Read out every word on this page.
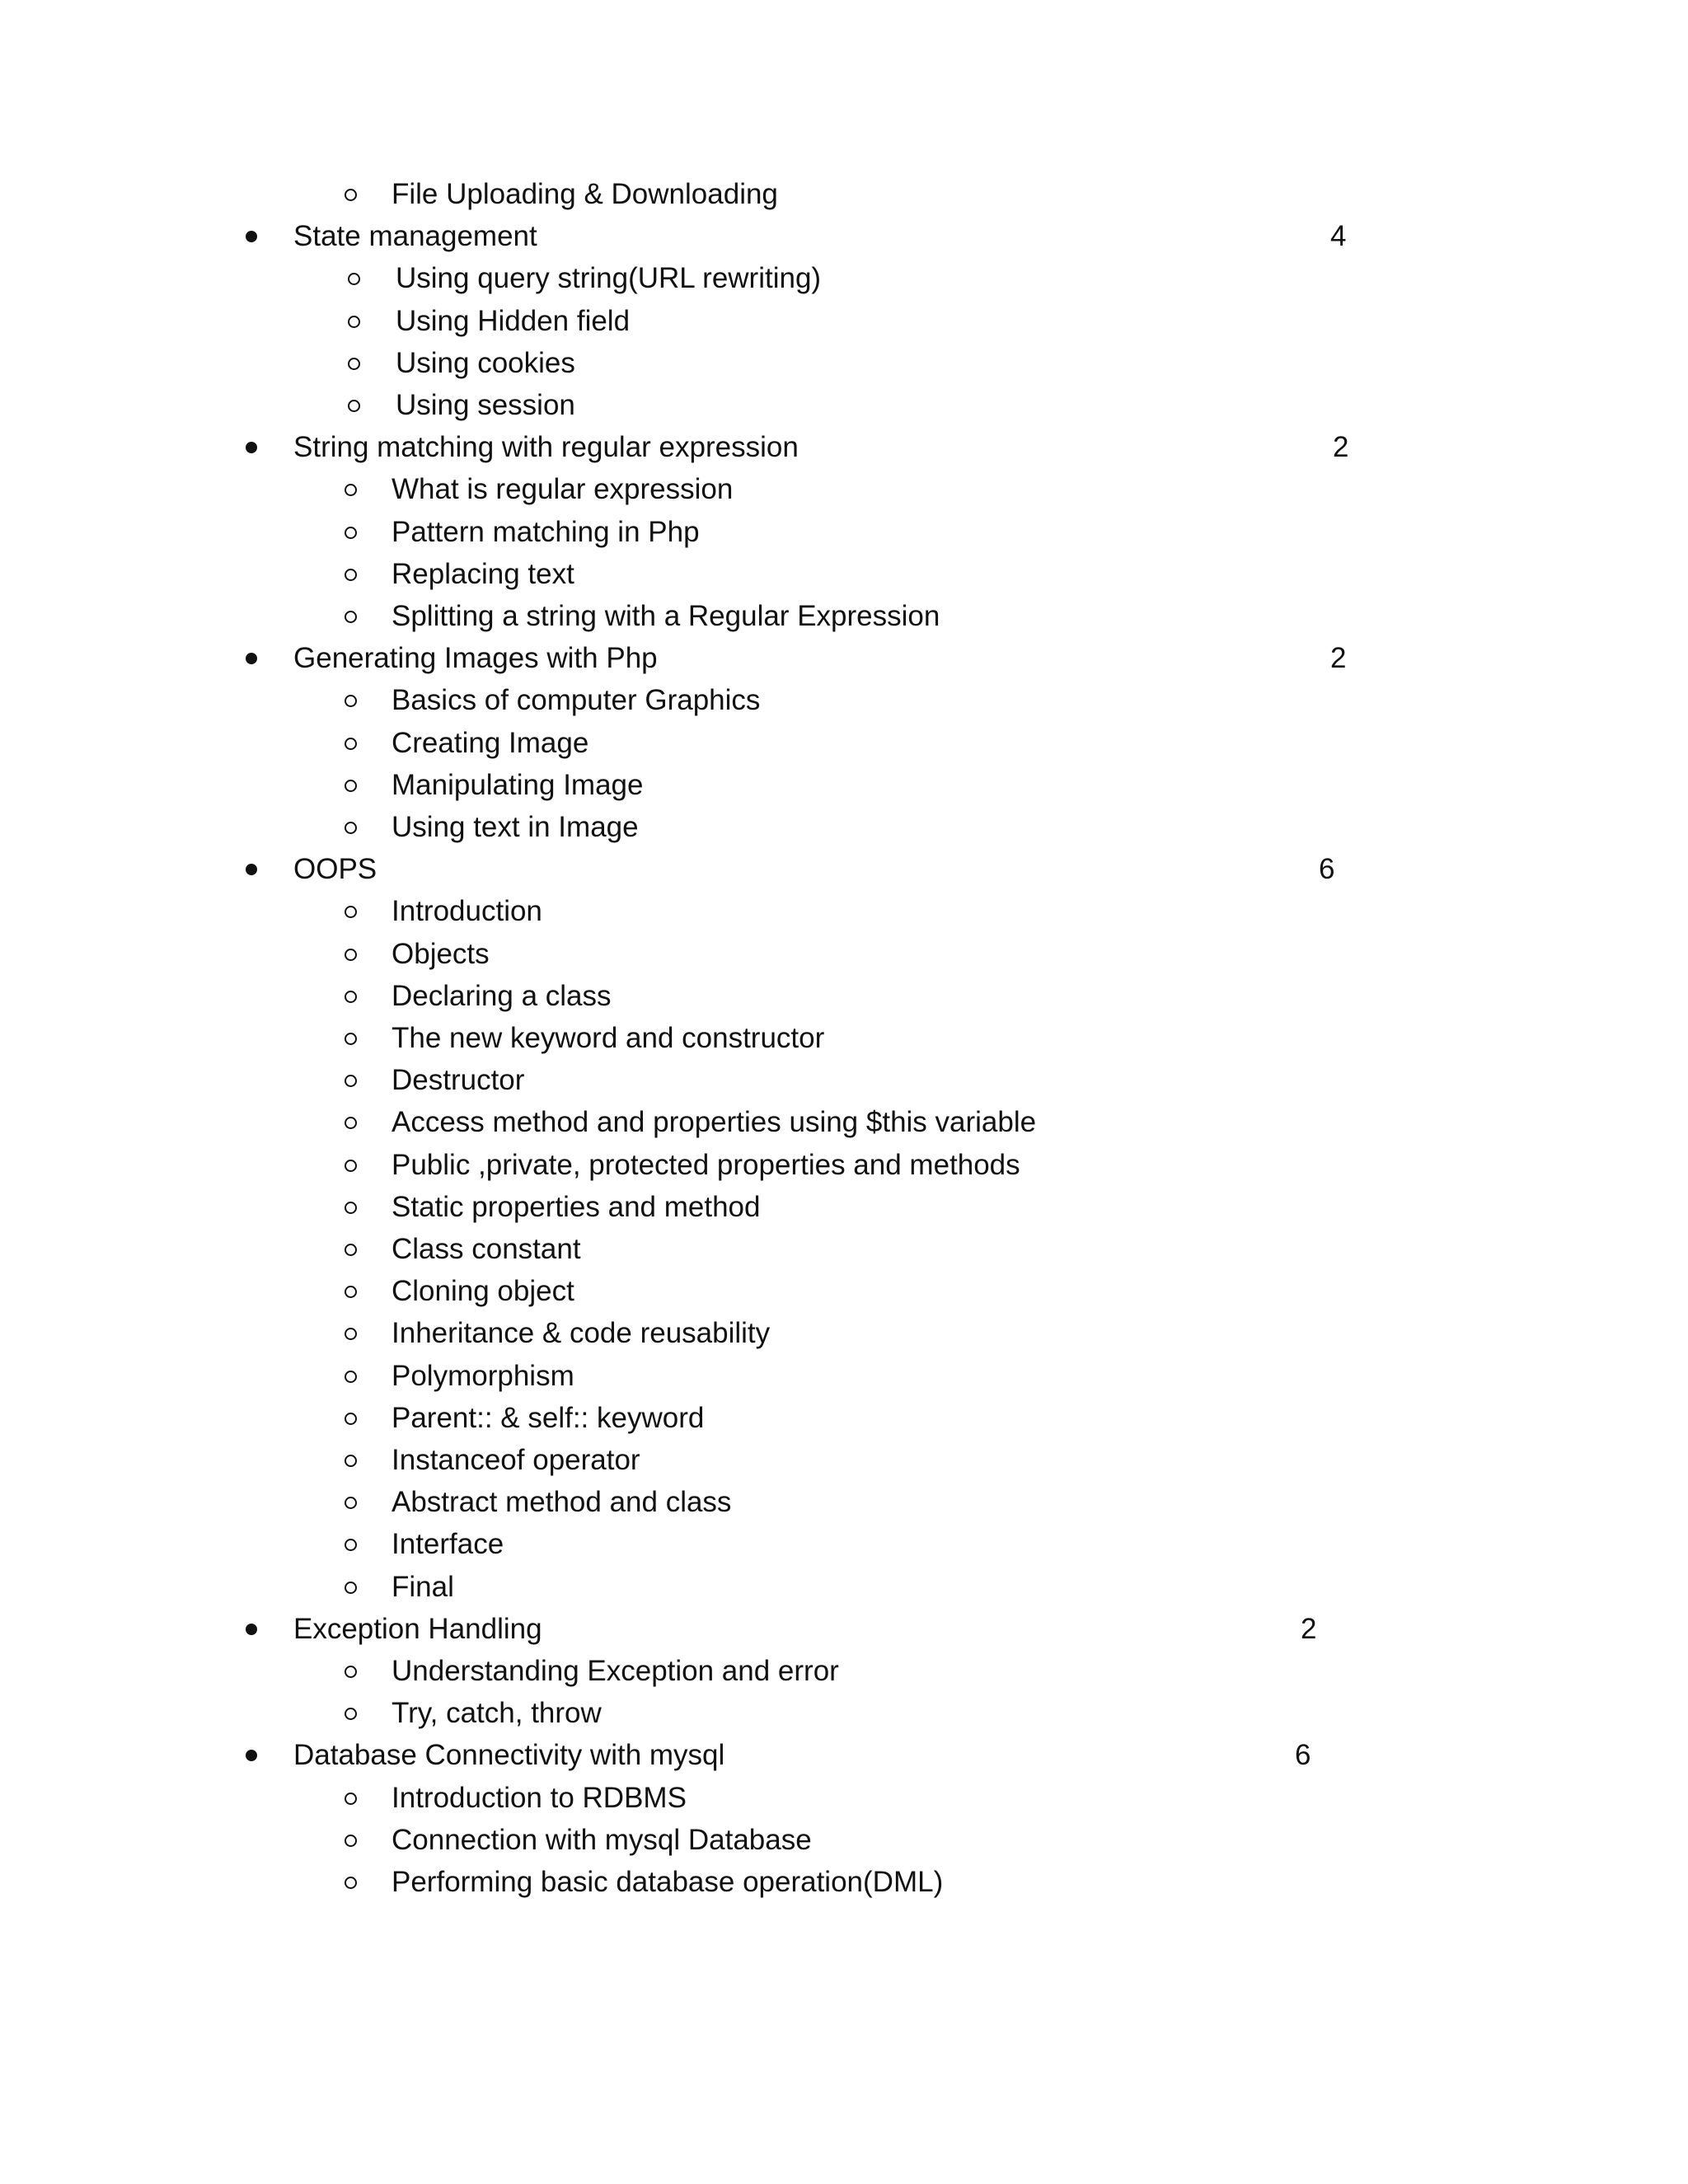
File Uploading & Downloading
State management	4
Using query string(URL rewriting)
Using Hidden field
Using cookies
Using session
String matching with regular expression	2
What is regular expression
Pattern matching in Php
Replacing text
Splitting a string with a Regular Expression
Generating Images with Php	2
Basics of computer Graphics
Creating Image
Manipulating Image
Using text in Image
OOPS	6
Introduction
Objects
Declaring a class
The new keyword and constructor
Destructor
Access method and properties using $this variable
Public ,private, protected properties and methods
Static properties and method
Class constant
Cloning object
Inheritance & code reusability
Polymorphism
Parent:: & self:: keyword
Instanceof operator
Abstract method and class
Interface
Final
Exception Handling	2
Understanding Exception and error
Try, catch, throw
Database Connectivity with mysql	6
Introduction to RDBMS
Connection with mysql Database
Performing basic database operation(DML)
